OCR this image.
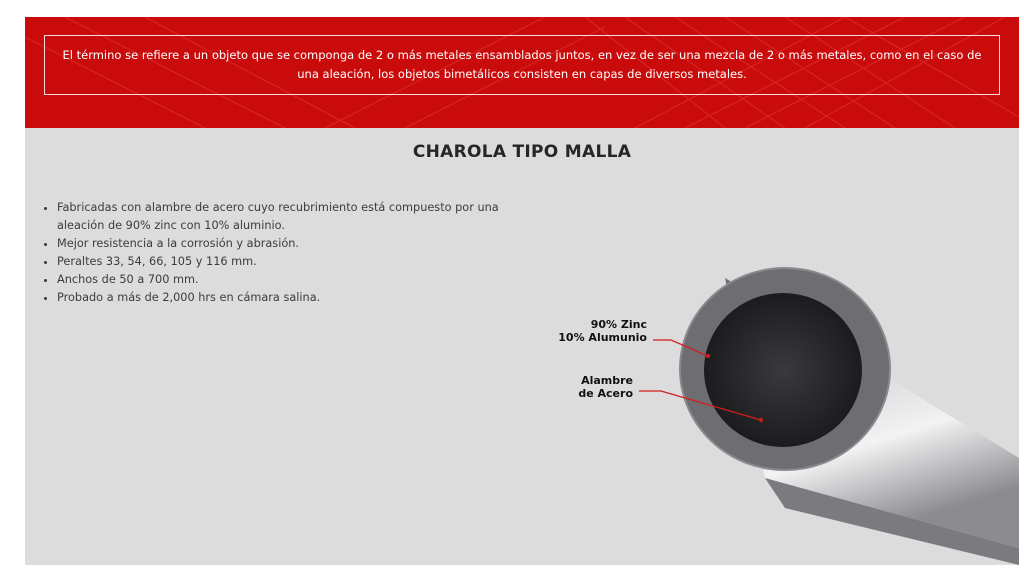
El término se refiere a un objeto que se componga de 2 o más metales ensamblados juntos, en vez de ser una mezcla de 2 o más metales, como en el caso de una aleación, los objetos bimetálicos consisten en capas de diversos metales.

CHAROLA TIPO MALLA
• Fabricadas con alambre de acero cuyo recubrimiento está compuesto por una aleación de 90% zinc con 10% aluminio.
• Mejor resistencia a la corrosión y abrasión.
• Peraltes 33, 54, 66, 105 y 116 mm.
• Anchos de 50 a 700 mm.
• Probado a más de 2,000 hrs en cámara salina.
90% Zinc
10% Alumunio
Alambre
de Acero
